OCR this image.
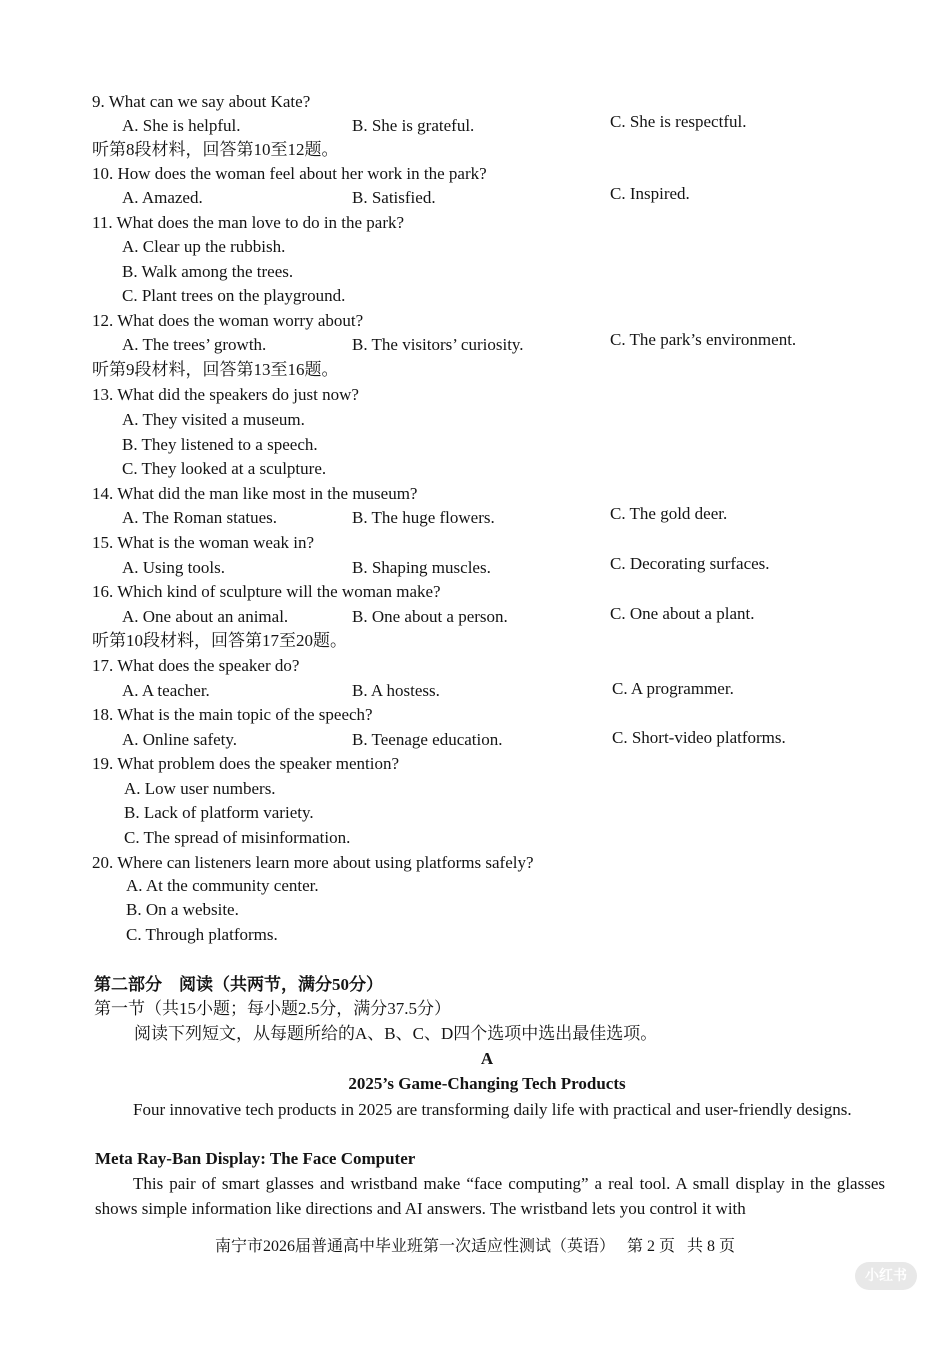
9. What can we say about Kate?
A. She is helpful.	B. She is grateful.	C. She is respectful.
听第8段材料，回答第10至12题。
10. How does the woman feel about her work in the park?
A. Amazed.	B. Satisfied.	C. Inspired.
11. What does the man love to do in the park?
A. Clear up the rubbish.
B. Walk among the trees.
C. Plant trees on the playground.
12. What does the woman worry about?
A. The trees’ growth.	B. The visitors’ curiosity.	C. The park’s environment.
听第9段材料，回答第13至16题。
13. What did the speakers do just now?
A. They visited a museum.
B. They listened to a speech.
C. They looked at a sculpture.
14. What did the man like most in the museum?
A. The Roman statues.	B. The huge flowers.	C. The gold deer.
15. What is the woman weak in?
A. Using tools.	B. Shaping muscles.	C. Decorating surfaces.
16. Which kind of sculpture will the woman make?
A. One about an animal.	B. One about a person.	C. One about a plant.
听第10段材料，回答第17至20题。
17. What does the speaker do?
A. A teacher.	B. A hostess.	C. A programmer.
18. What is the main topic of the speech?
A. Online safety.	B. Teenage education.	C. Short-video platforms.
19. What problem does the speaker mention?
A. Low user numbers.
B. Lack of platform variety.
C. The spread of misinformation.
20. Where can listeners learn more about using platforms safely?
A. At the community center.
B. On a website.
C. Through platforms.
第二部分　阅读（共两节，满分50分）
第一节（共15小题；每小题2.5分，满分37.5分）
阅读下列短文，从每题所给的A、B、C、D四个选项中选出最佳选项。
A
2025’s Game-Changing Tech Products
Four innovative tech products in 2025 are transforming daily life with practical and user-friendly designs.
Meta Ray-Ban Display: The Face Computer
This pair of smart glasses and wristband make “face computing” a real tool. A small display in the glasses shows simple information like directions and AI answers. The wristband lets you control it with
南宁市2026届普通高中毕业班第一次适应性测试（英语） 第 2 页 共 8 页
小红书
